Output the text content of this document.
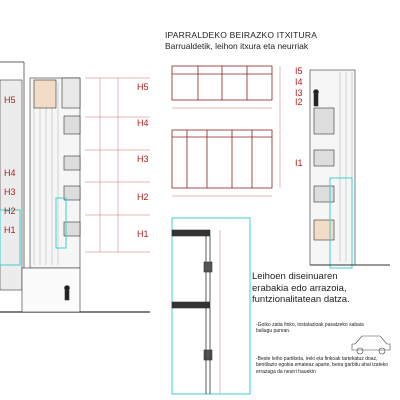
IPARRALDEKO BEIRAZKO ITXITURA
Barrualdetik, leihon itxura eta neurriak
H4
H3
H2
H1
H5
H5
H4
H3
H2
H1
I5
I4
I3
I2
I1
Leihoen diseinuaren erabakia edo arrazoia, funtzionalitatean datza.
-Goiko zatia finko, instalazioak pasatzeko sabaia baliagu parean.
-Beste leiho partiketa, ireki eta finkoak tartekatuz doaz, bentilazio egokia emateaz aparte, beira garbitu ahal izateko errazaga da neurri hauekin
